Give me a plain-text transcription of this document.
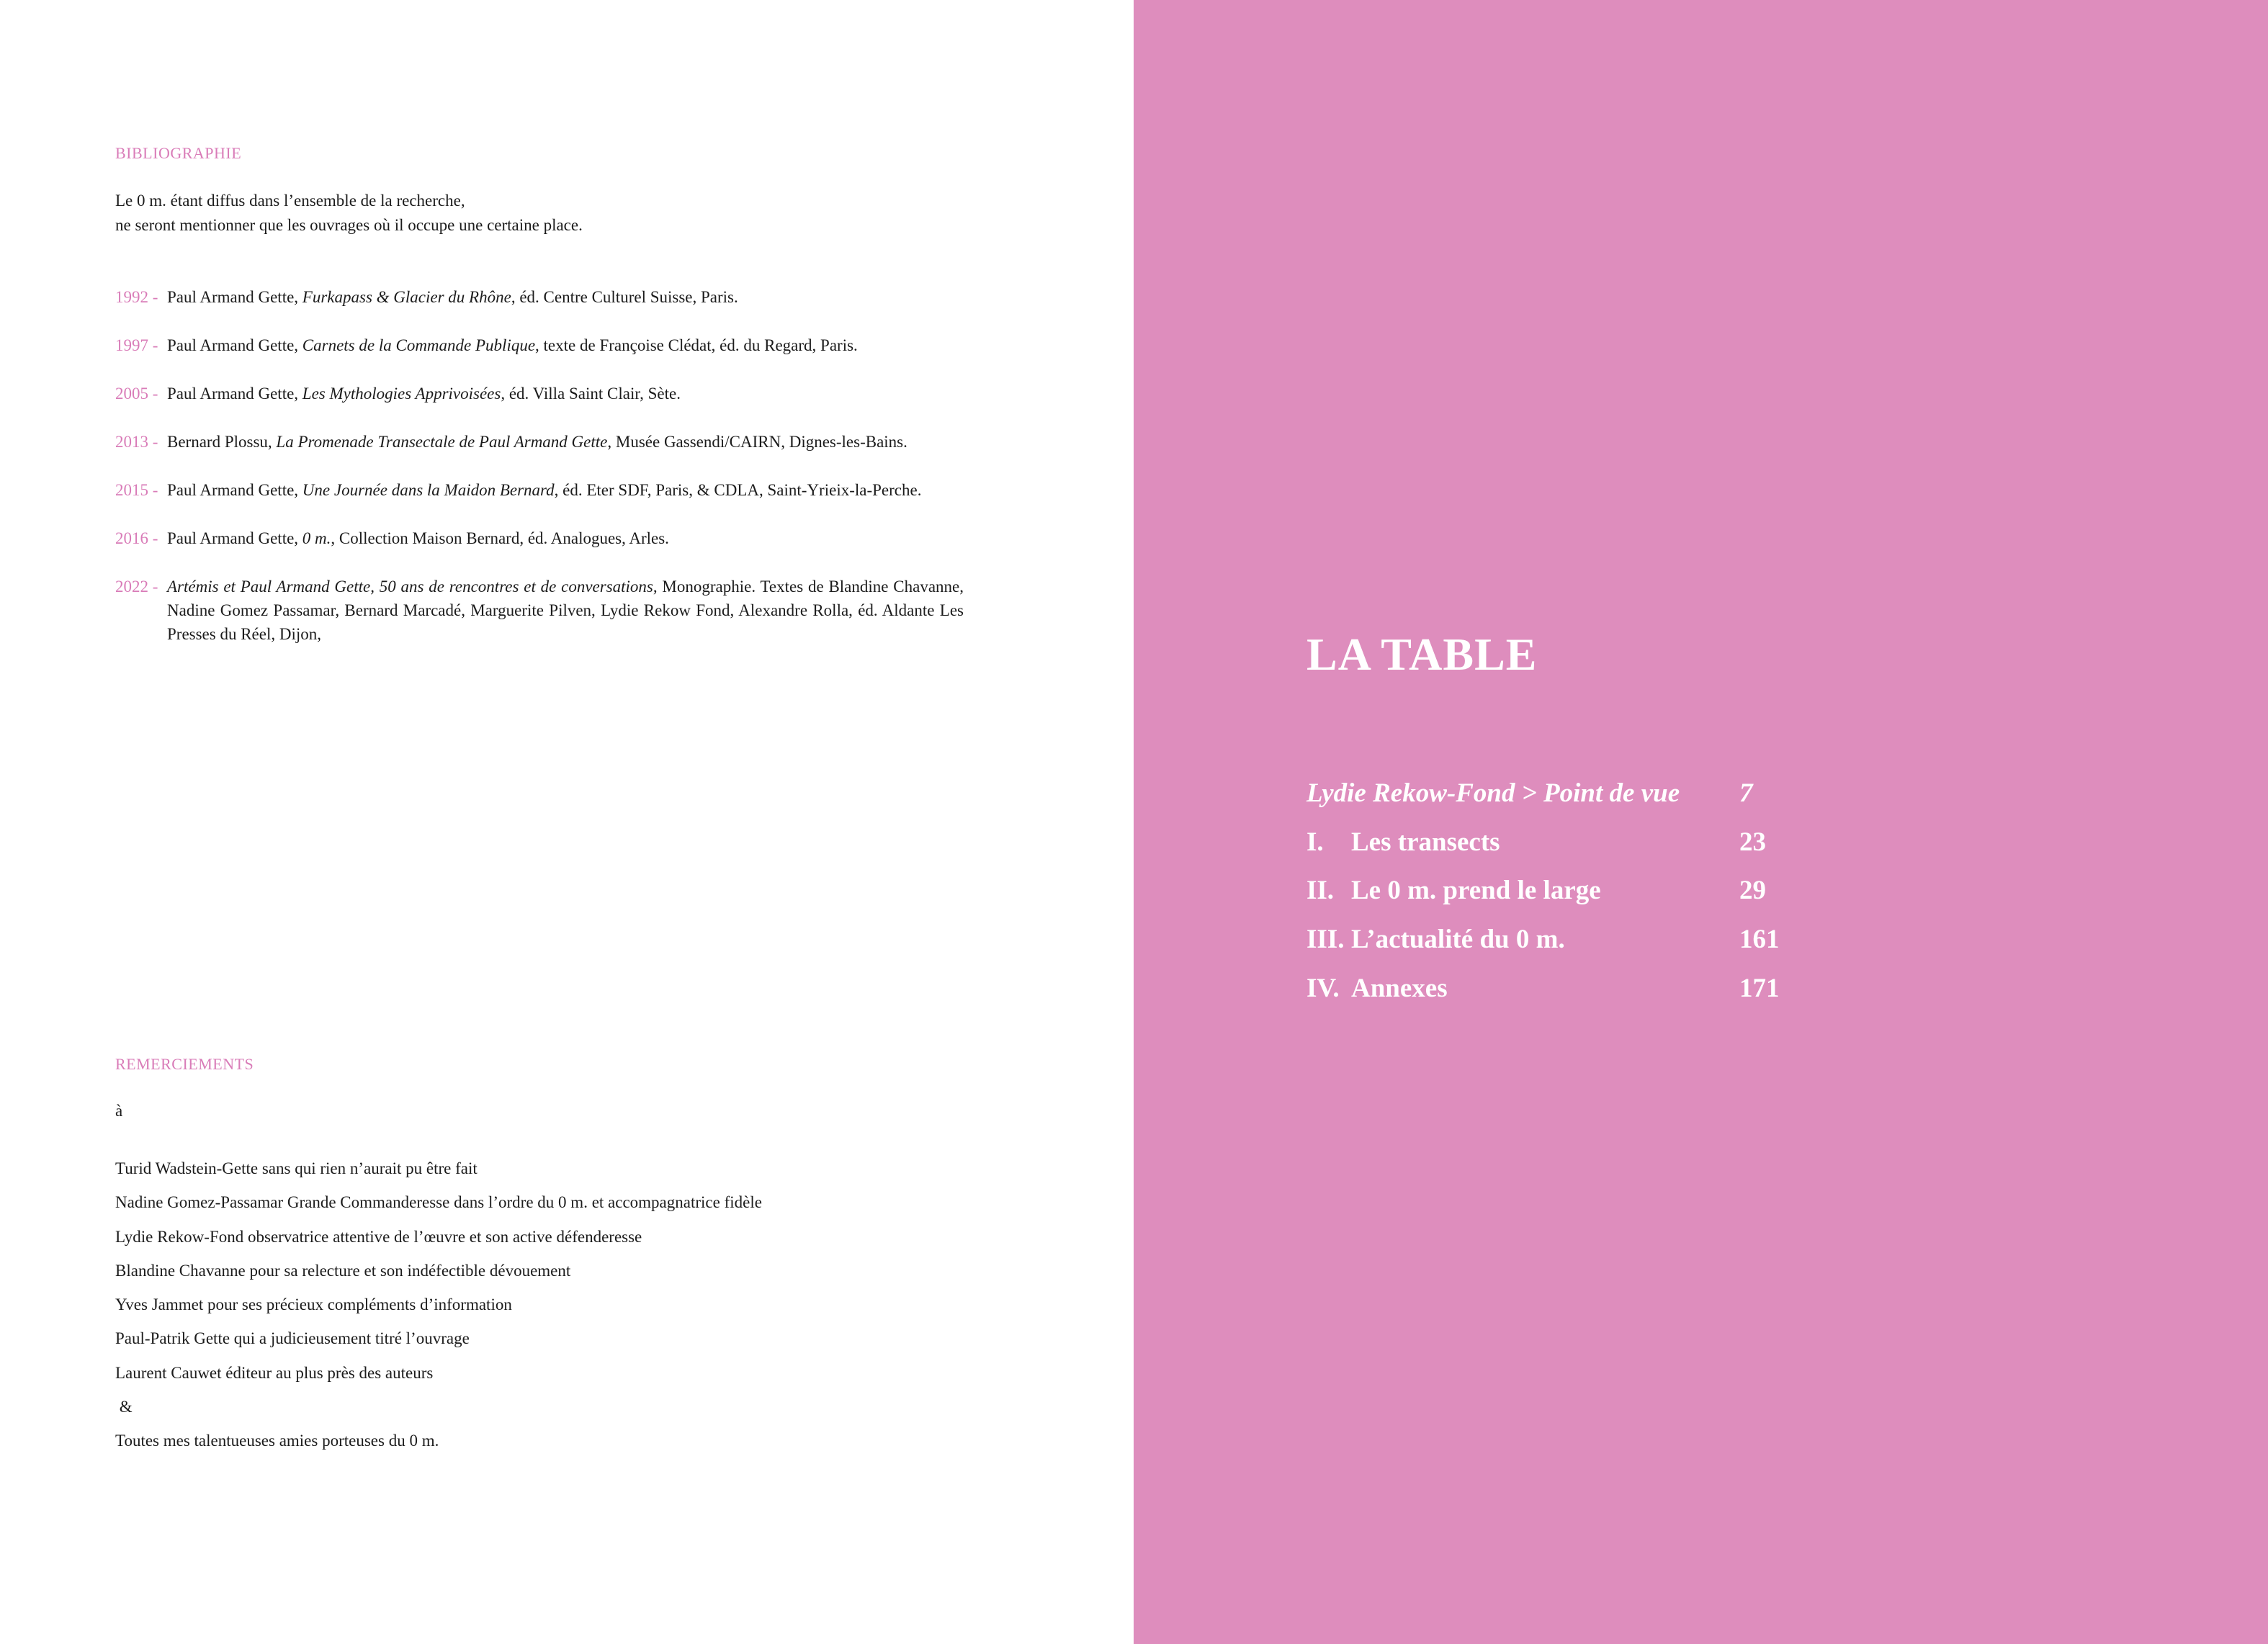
BIBLIOGRAPHIE
Le 0 m. étant diffus dans l’ensemble de la recherche,
ne seront mentionner que les ouvrages où il occupe une certaine place.
1992 - Paul Armand Gette, Furkapass & Glacier du Rhône, éd. Centre Culturel Suisse, Paris.
1997 - Paul Armand Gette, Carnets de la Commande Publique, texte de Françoise Clédat, éd. du Regard, Paris.
2005 - Paul Armand Gette, Les Mythologies Apprivoisées, éd. Villa Saint Clair, Sète.
2013 - Bernard Plossu, La Promenade Transectale de Paul Armand Gette, Musée Gassendi/CAIRN, Dignes-les-Bains.
2015 - Paul Armand Gette, Une Journée dans la Maidon Bernard, éd. Eter SDF, Paris, & CDLA, Saint-Yrieix-la-Perche.
2016 - Paul Armand Gette, 0 m., Collection Maison Bernard, éd. Analogues, Arles.
2022 - Artémis et Paul Armand Gette, 50 ans de rencontres et de conversations, Monographie. Textes de Blandine Chavanne, Nadine Gomez Passamar, Bernard Marcadé, Marguerite Pilven, Lydie Rekow Fond, Alexandre Rolla, éd. Aldante Les Presses du Réel, Dijon,
REMERCIEMENTS
à
Turid Wadstein-Gette sans qui rien n’aurait pu être fait
Nadine Gomez-Passamar Grande Commanderesse dans l’ordre du 0 m. et accompagnatrice fidèle
Lydie Rekow-Fond observatrice attentive de l’œuvre et son active défenderesse
Blandine Chavanne pour sa relecture et son indéfectible dévouement
Yves Jammet pour ses précieux compléments d’information
Paul-Patrik Gette qui a judicieusement titré l’ouvrage
Laurent Cauwet éditeur au plus près des auteurs
&
Toutes mes talentueuses amies porteuses du 0 m.
LA TABLE
Lydie Rekow-Fond > Point de vue 7
I. Les transects	23
II. Le 0 m. prend le large	29
III. L’actualité du 0 m.	161
IV. Annexes	171
